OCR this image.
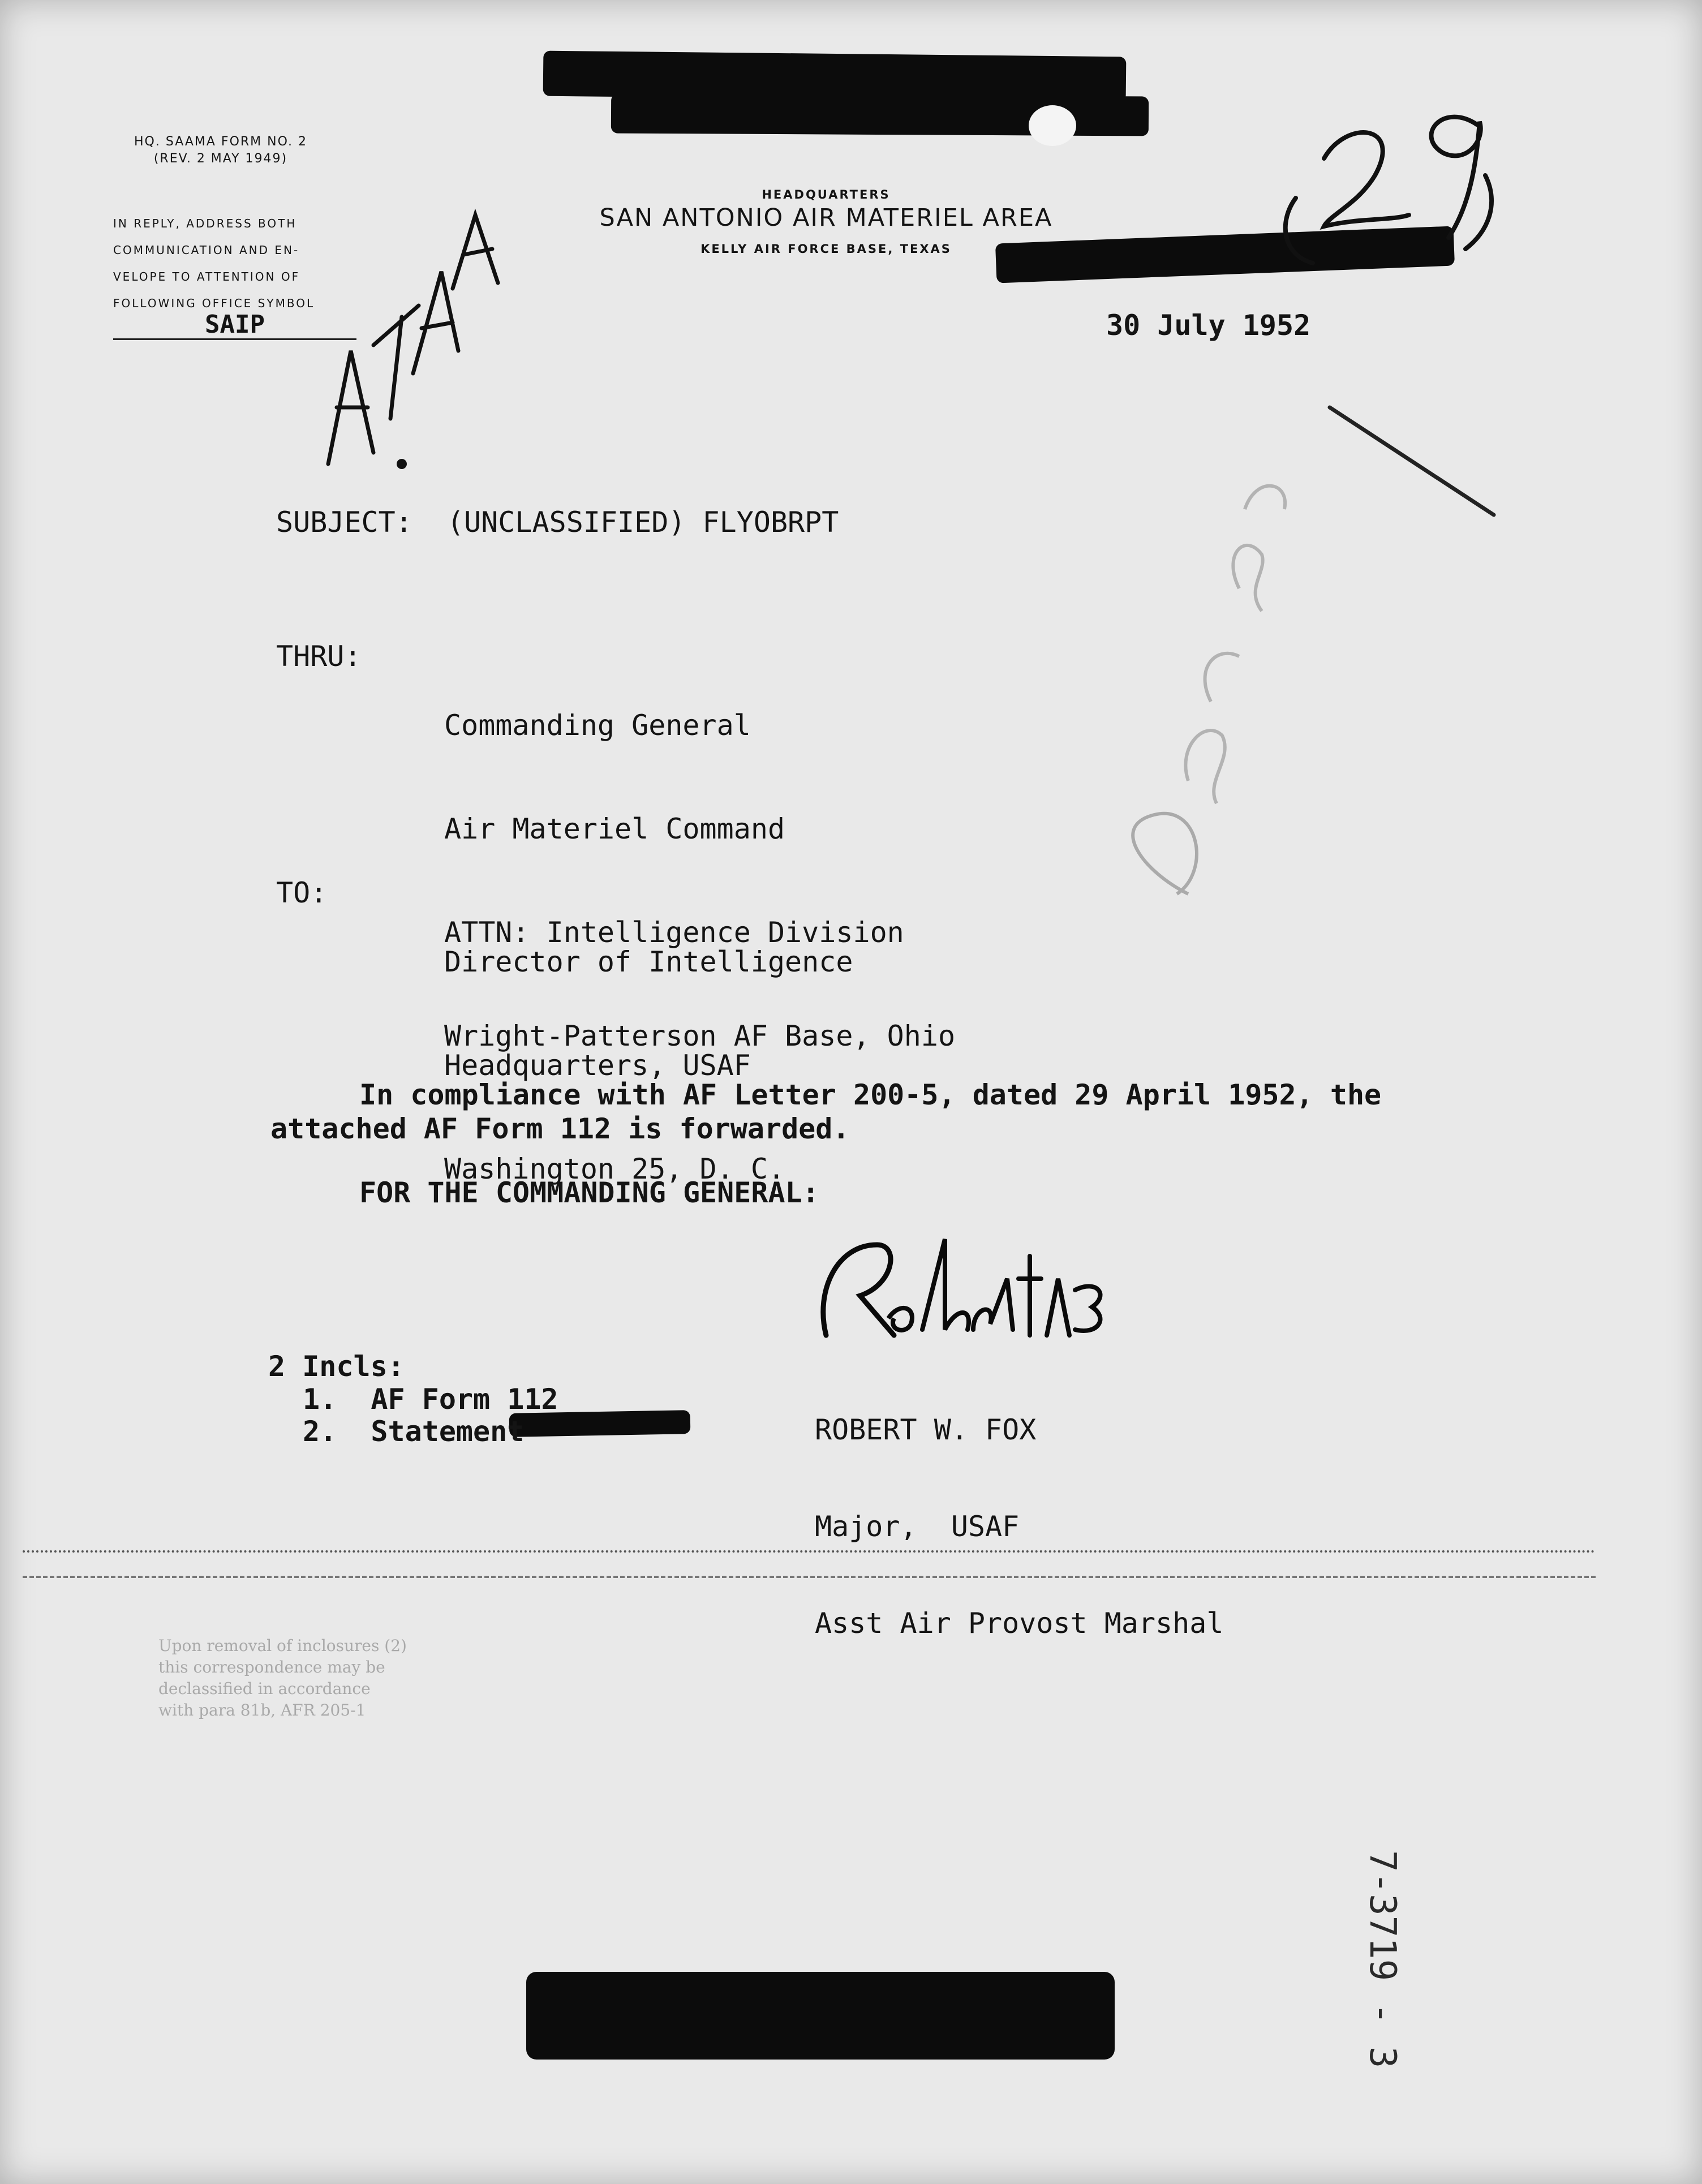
HQ. SAAMA FORM NO. 2
(REV. 2 MAY 1949)
IN REPLY, ADDRESS BOTH
COMMUNICATION AND EN-
VELOPE TO ATTENTION OF
FOLLOWING OFFICE SYMBOL
SAIP
HEADQUARTERS
SAN ANTONIO AIR MATERIEL AREA
KELLY AIR FORCE BASE, TEXAS
30 July 1952
SUBJECT: (UNCLASSIFIED) FLYOBRPT
THRU:

Commanding General

Air Materiel Command

ATTN: Intelligence Division

Wright-Patterson AF Base, Ohio

TO:

Director of Intelligence

Headquarters, USAF

Washington 25, D. C.

In compliance with AF Letter 200-5, dated 29 April 1952, the
attached AF Form 112 is forwarded.
FOR THE COMMANDING GENERAL:
2 Incls:
1.  AF Form 112
2.  Statement

	ROBERT W. FOX

Major,  USAF

Asst Air Provost Marshal

Upon removal of inclosures (2)
this correspondence may be
declassified in accordance
with para 81b, AFR 205-1
7-3719 - 3
